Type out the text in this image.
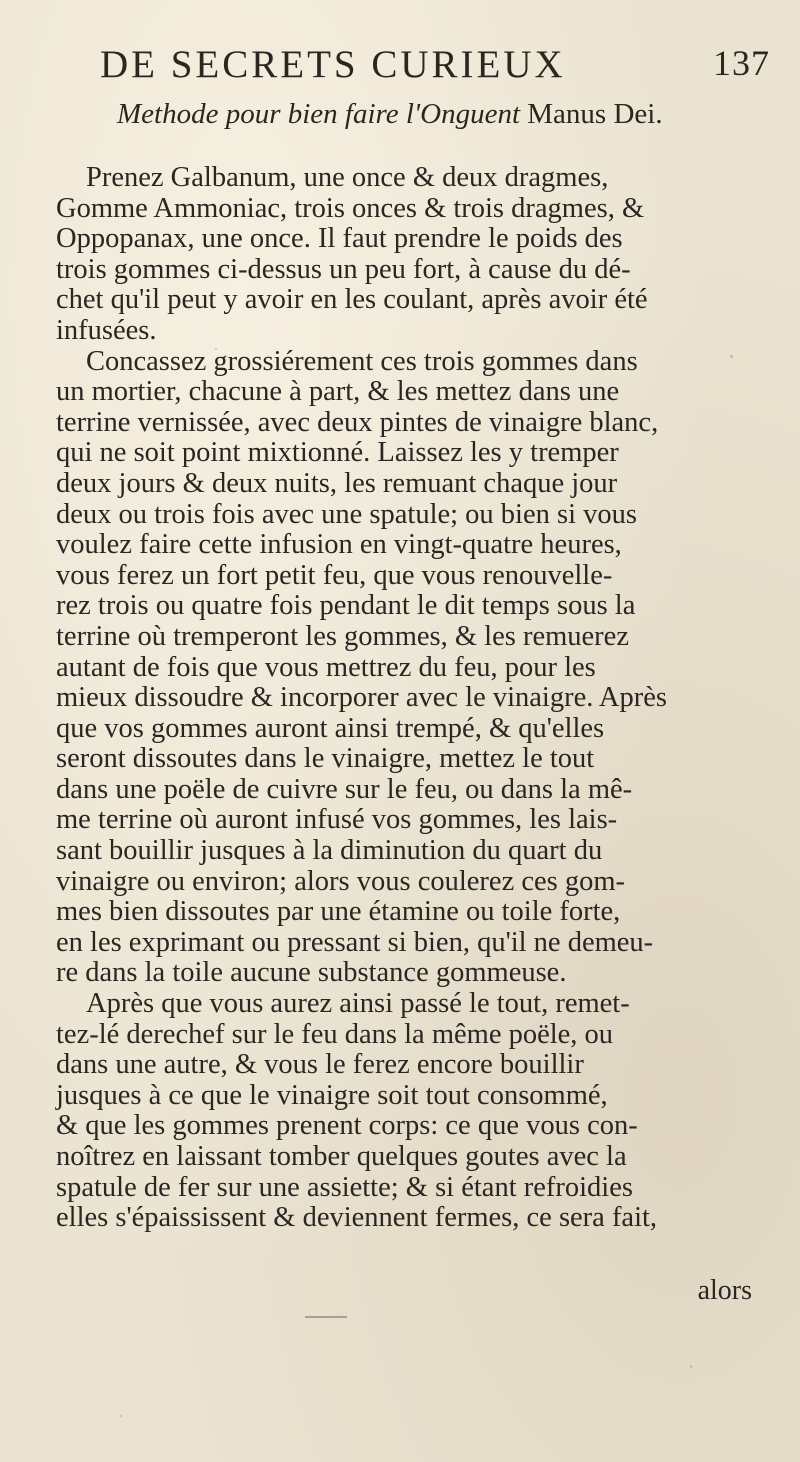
DE SECRETS CURIEUX	137
Methode pour bien faire l'Onguent Manus Dei.
Prenez Galbanum, une once & deux dragmes,
Gomme Ammoniac, trois onces & trois dragmes, &
Oppopanax, une once. Il faut prendre le poids des
trois gommes ci-dessus un peu fort, à cause du dé-
chet qu'il peut y avoir en les coulant, après avoir été
infusées.
Concassez grossiérement ces trois gommes dans
un mortier, chacune à part, & les mettez dans une
terrine vernissée, avec deux pintes de vinaigre blanc,
qui ne soit point mixtionné. Laissez les y tremper
deux jours & deux nuits, les remuant chaque jour
deux ou trois fois avec une spatule; ou bien si vous
voulez faire cette infusion en vingt-quatre heures,
vous ferez un fort petit feu, que vous renouvelle-
rez trois ou quatre fois pendant le dit temps sous la
terrine où tremperont les gommes, & les remuerez
autant de fois que vous mettrez du feu, pour les
mieux dissoudre & incorporer avec le vinaigre. Après
que vos gommes auront ainsi trempé, & qu'elles
seront dissoutes dans le vinaigre, mettez le tout
dans une poële de cuivre sur le feu, ou dans la mê-
me terrine où auront infusé vos gommes, les lais-
sant bouillir jusques à la diminution du quart du
vinaigre ou environ; alors vous coulerez ces gom-
mes bien dissoutes par une étamine ou toile forte,
en les exprimant ou pressant si bien, qu'il ne demeu-
re dans la toile aucune substance gommeuse.
Après que vous aurez ainsi passé le tout, remet-
tez-lé derechef sur le feu dans la même poële, ou
dans une autre, & vous le ferez encore bouillir
jusques à ce que le vinaigre soit tout consommé,
& que les gommes prenent corps: ce que vous con-
noîtrez en laissant tomber quelques goutes avec la
spatule de fer sur une assiette; & si étant refroidies
elles s'épaississent & deviennent fermes, ce sera fait,
alors
